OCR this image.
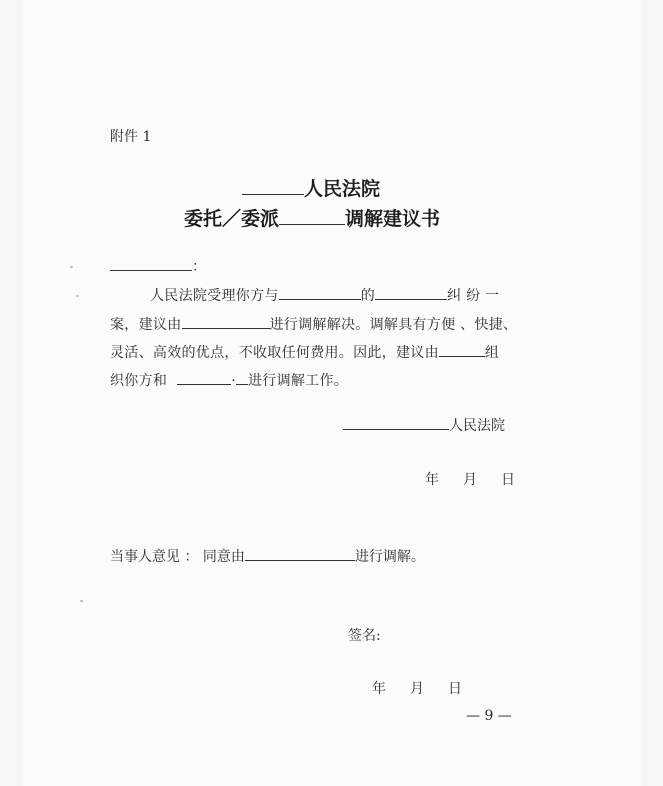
附件 1
人民法院
委托／委派	调解建议书
：
人民法院受理你方与	的	纠 纷 一
案，建议由	进行调解解决。调解具有方便 、快捷、
灵活、高效的优点，不收取任何费用。因此，建议由	组
织你方和	· 进行调解工作。
人民法院
年 月 日
当事人意见 ： 同意由	进行调解。
签名:
年 月 日
— 9 —
